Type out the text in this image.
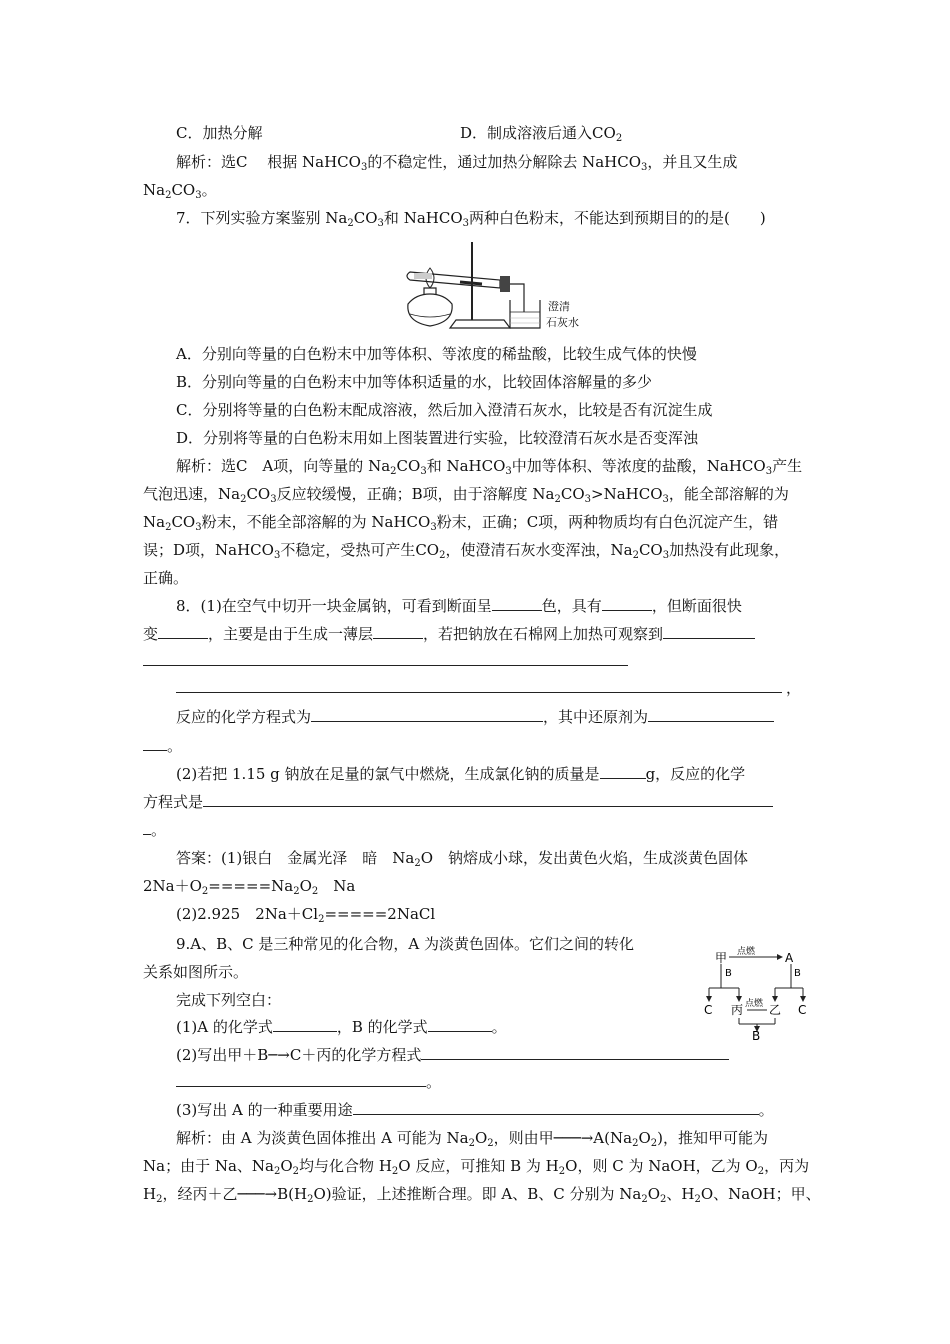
C．加热分解	D．制成溶液后通入$CO_2$
解析：选C　 根据 NaHCO$_3$的不稳定性，通过加热分解除去 NaHCO$_3$，并且又生成
$Na_2CO_3$。
7．下列实验方案鉴别 $Na_2CO_3$和 NaHCO$_3$两种白色粉末，不能达到预期目的的是(　　)
澄清
石灰水
A．分别向等量的白色粉末中加等体积、等浓度的稀盐酸，比较生成气体的快慢
B．分别向等量的白色粉末中加等体积适量的水，比较固体溶解量的多少
C．分别将等量的白色粉末配成溶液，然后加入澄清石灰水，比较是否有沉淀生成
D．分别将等量的白色粉末用如上图装置进行实验，比较澄清石灰水是否变浑浊
解析：选C　A项，向等量的 $Na_2CO_3$和 NaHCO$_3$中加等体积、等浓度的盐酸，NaHCO$_3$产生
气泡迅速，$Na_2CO_3$反应较缓慢，正确；B项，由于溶解度 $Na_2CO_3>NaHCO_3$，能全部溶解的为
$Na_2CO_3$粉末，不能全部溶解的为 NaHCO$_3$粉末，正确；C项，两种物质均有白色沉淀产生，错
误；D项，NaHCO$_3$不稳定，受热可产生$CO_2$，使澄清石灰水变浑浊，$Na_2CO_3$加热没有此现象，
正确。
8．(1)在空气中切开一块金属钠，可看到断面呈	色，具有	，但断面很快
变	，主要是由于生成一薄层	，若把钠放在石棉网上加热可观察到
，
反应的化学方程式为	，其中还原剂为
。
(2)若把 1.15 g 钠放在足量的氯气中燃烧，生成氯化钠的质量是	g，反应的化学
方程式是
。
答案：(1)银白　金属光泽　暗　$Na_2O$　钠熔成小球，发出黄色火焰，生成淡黄色固体
$2Na+O_2=====Na_2O_2$　Na
(2)2.925　$2Na+Cl_2=====2NaCl$
9.A、B、C 是三种常见的化合物，A 为淡黄色固体。它们之间的转化
关系如图所示。
完成下列空白：
(1)A 的化学式	，B 的化学式	。
(2)写出甲＋B─→C＋丙的化学方程式
。
(3)写出 A 的一种重要用途	。
甲 点燃 A
B
C 丙
B
乙 C
点燃
B
解析：由 A 为淡黄色固体推出 A 可能为 $Na_2O_2$，则由甲$───\to A(Na_2O_2)$，推知甲可能为
Na；由于 Na、$Na_2O_2$均与化合物 $H_2O$ 反应，可推知 B 为 $H_2O$，则 C 为 NaOH，乙为 $O_2$，丙为
$H_2$，经丙＋乙$───\to B(H_2O)$验证，上述推断合理。即 A、B、C 分别为 $Na_2O_2$、$H_2O$、NaOH；甲、
